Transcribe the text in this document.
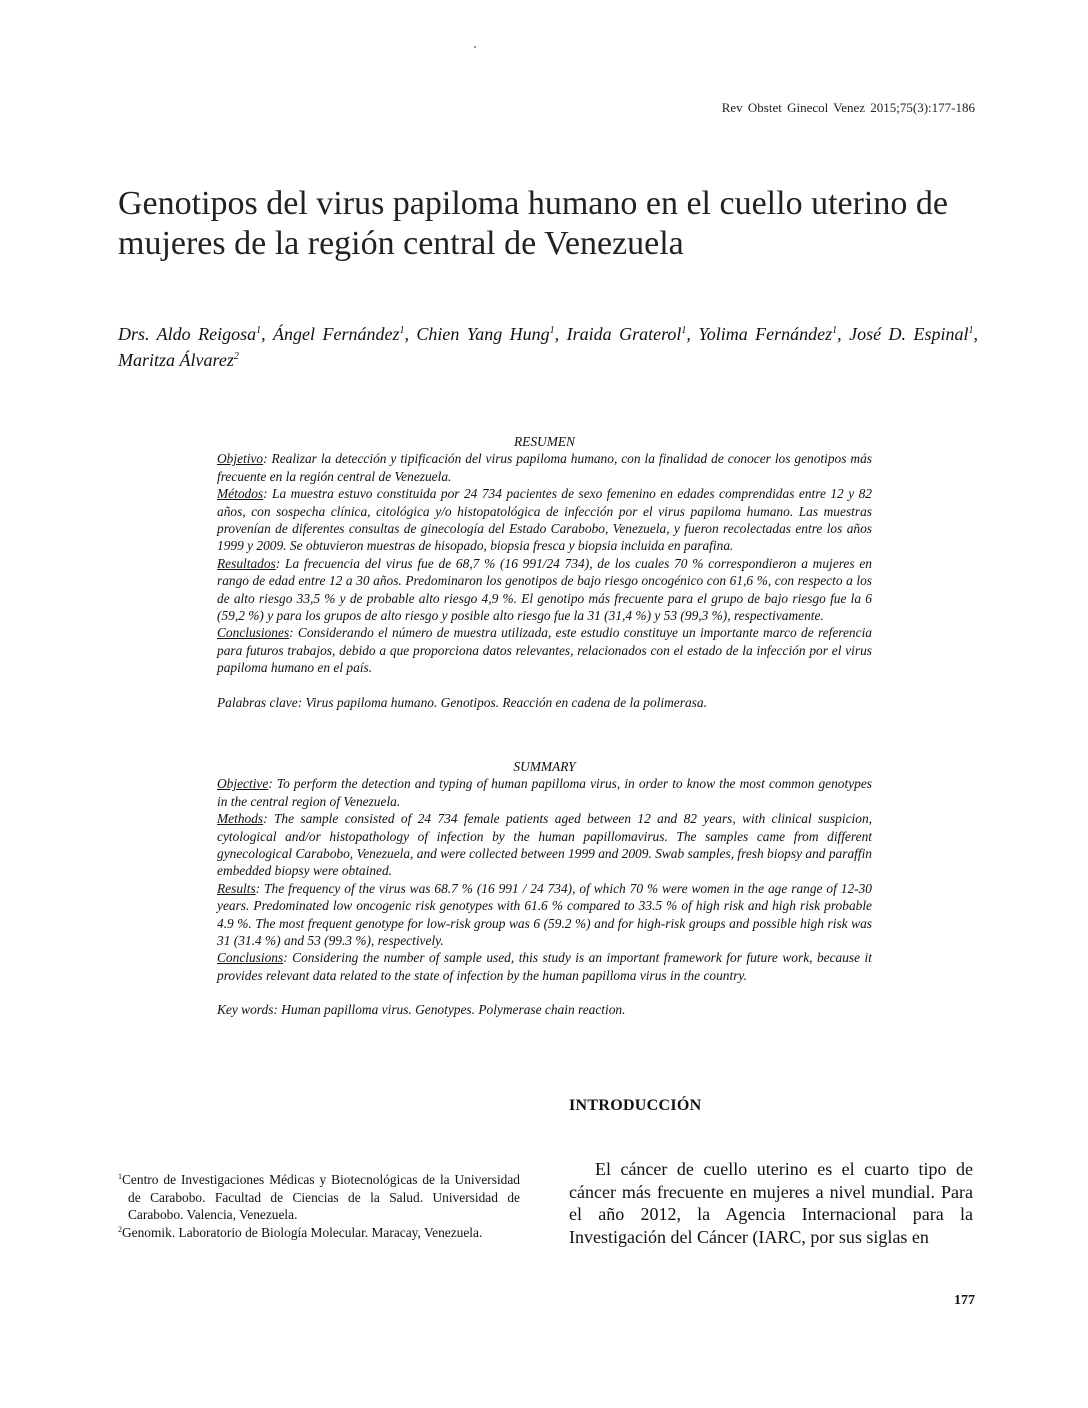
Rev Obstet Ginecol Venez 2015;75(3):177-186
Genotipos del virus papiloma humano en el cuello uterino de mujeres de la región central de Venezuela
Drs. Aldo Reigosa$^1$, Ángel Fernández$^1$, Chien Yang Hung$^1$, Iraida Graterol$^1$, Yolima Fernández$^1$, José D. Espinal$^1$, Maritza Álvarez$^2$

RESUMEN

Objetivo: Realizar la detección y tipificación del virus papiloma humano, con la finalidad de conocer los genotipos más frecuente en la región central de Venezuela.

Métodos: La muestra estuvo constituida por 24 734 pacientes de sexo femenino en edades comprendidas entre 12 y 82 años, con sospecha clínica, citológica y/o histopatológica de infección por el virus papiloma humano. Las muestras provenían de diferentes consultas de ginecología del Estado Carabobo, Venezuela, y fueron recolectadas entre los años 1999 y 2009. Se obtuvieron muestras de hisopado, biopsia fresca y biopsia incluida en parafina.

Resultados: La frecuencia del virus fue de 68,7 % (16 991/24 734), de los cuales 70 % correspondieron a mujeres en rango de edad entre 12 a 30 años. Predominaron los genotipos de bajo riesgo oncogénico con 61,6 %, con respecto a los de alto riesgo 33,5 % y de probable alto riesgo 4,9 %. El genotipo más frecuente para el grupo de bajo riesgo fue la 6 (59,2 %) y para los grupos de alto riesgo y posible alto riesgo fue la 31 (31,4 %) y 53 (99,3 %), respectivamente.

Conclusiones: Considerando el número de muestra utilizada, este estudio constituye un importante marco de referencia para futuros trabajos, debido a que proporciona datos relevantes, relacionados con el estado de la infección por el virus papiloma humano en el país.

Palabras clave: Virus papiloma humano. Genotipos. Reacción en cadena de la polimerasa.

SUMMARY

Objective: To perform the detection and typing of human papilloma virus, in order to know the most common genotypes in the central region of Venezuela.

Methods: The sample consisted of 24 734 female patients aged between 12 and 82 years, with clinical suspicion, cytological and/or histopathology of infection by the human papillomavirus. The samples came from different gynecological Carabobo, Venezuela, and were collected between 1999 and 2009. Swab samples, fresh biopsy and paraffin embedded biopsy were obtained.

Results: The frequency of the virus was 68.7 % (16 991 / 24 734), of which 70 % were women in the age range of 12-30 years. Predominated low oncogenic risk genotypes with 61.6 % compared to 33.5 % of high risk and high risk probable 4.9 %. The most frequent genotype for low-risk group was 6 (59.2 %) and for high-risk groups and possible high risk was 31 (31.4 %) and 53 (99.3 %), respectively.

Conclusions: Considering the number of sample used, this study is an important framework for future work, because it provides relevant data related to the state of infection by the human papilloma virus in the country.

Key words: Human papilloma virus. Genotypes. Polymerase chain reaction.

INTRODUCCIÓN

$^1$Centro de Investigaciones Médicas y Biotecnológicas de la Universidad de Carabobo. Facultad de Ciencias de la Salud. Universidad de Carabobo. Valencia, Venezuela.

$^2$Genomik. Laboratorio de Biología Molecular. Maracay, Venezuela.

El cáncer de cuello uterino es el cuarto tipo de cáncer más frecuente en mujeres a nivel mundial. Para el año 2012, la Agencia Internacional para la Investigación del Cáncer (IARC, por sus siglas en

177
